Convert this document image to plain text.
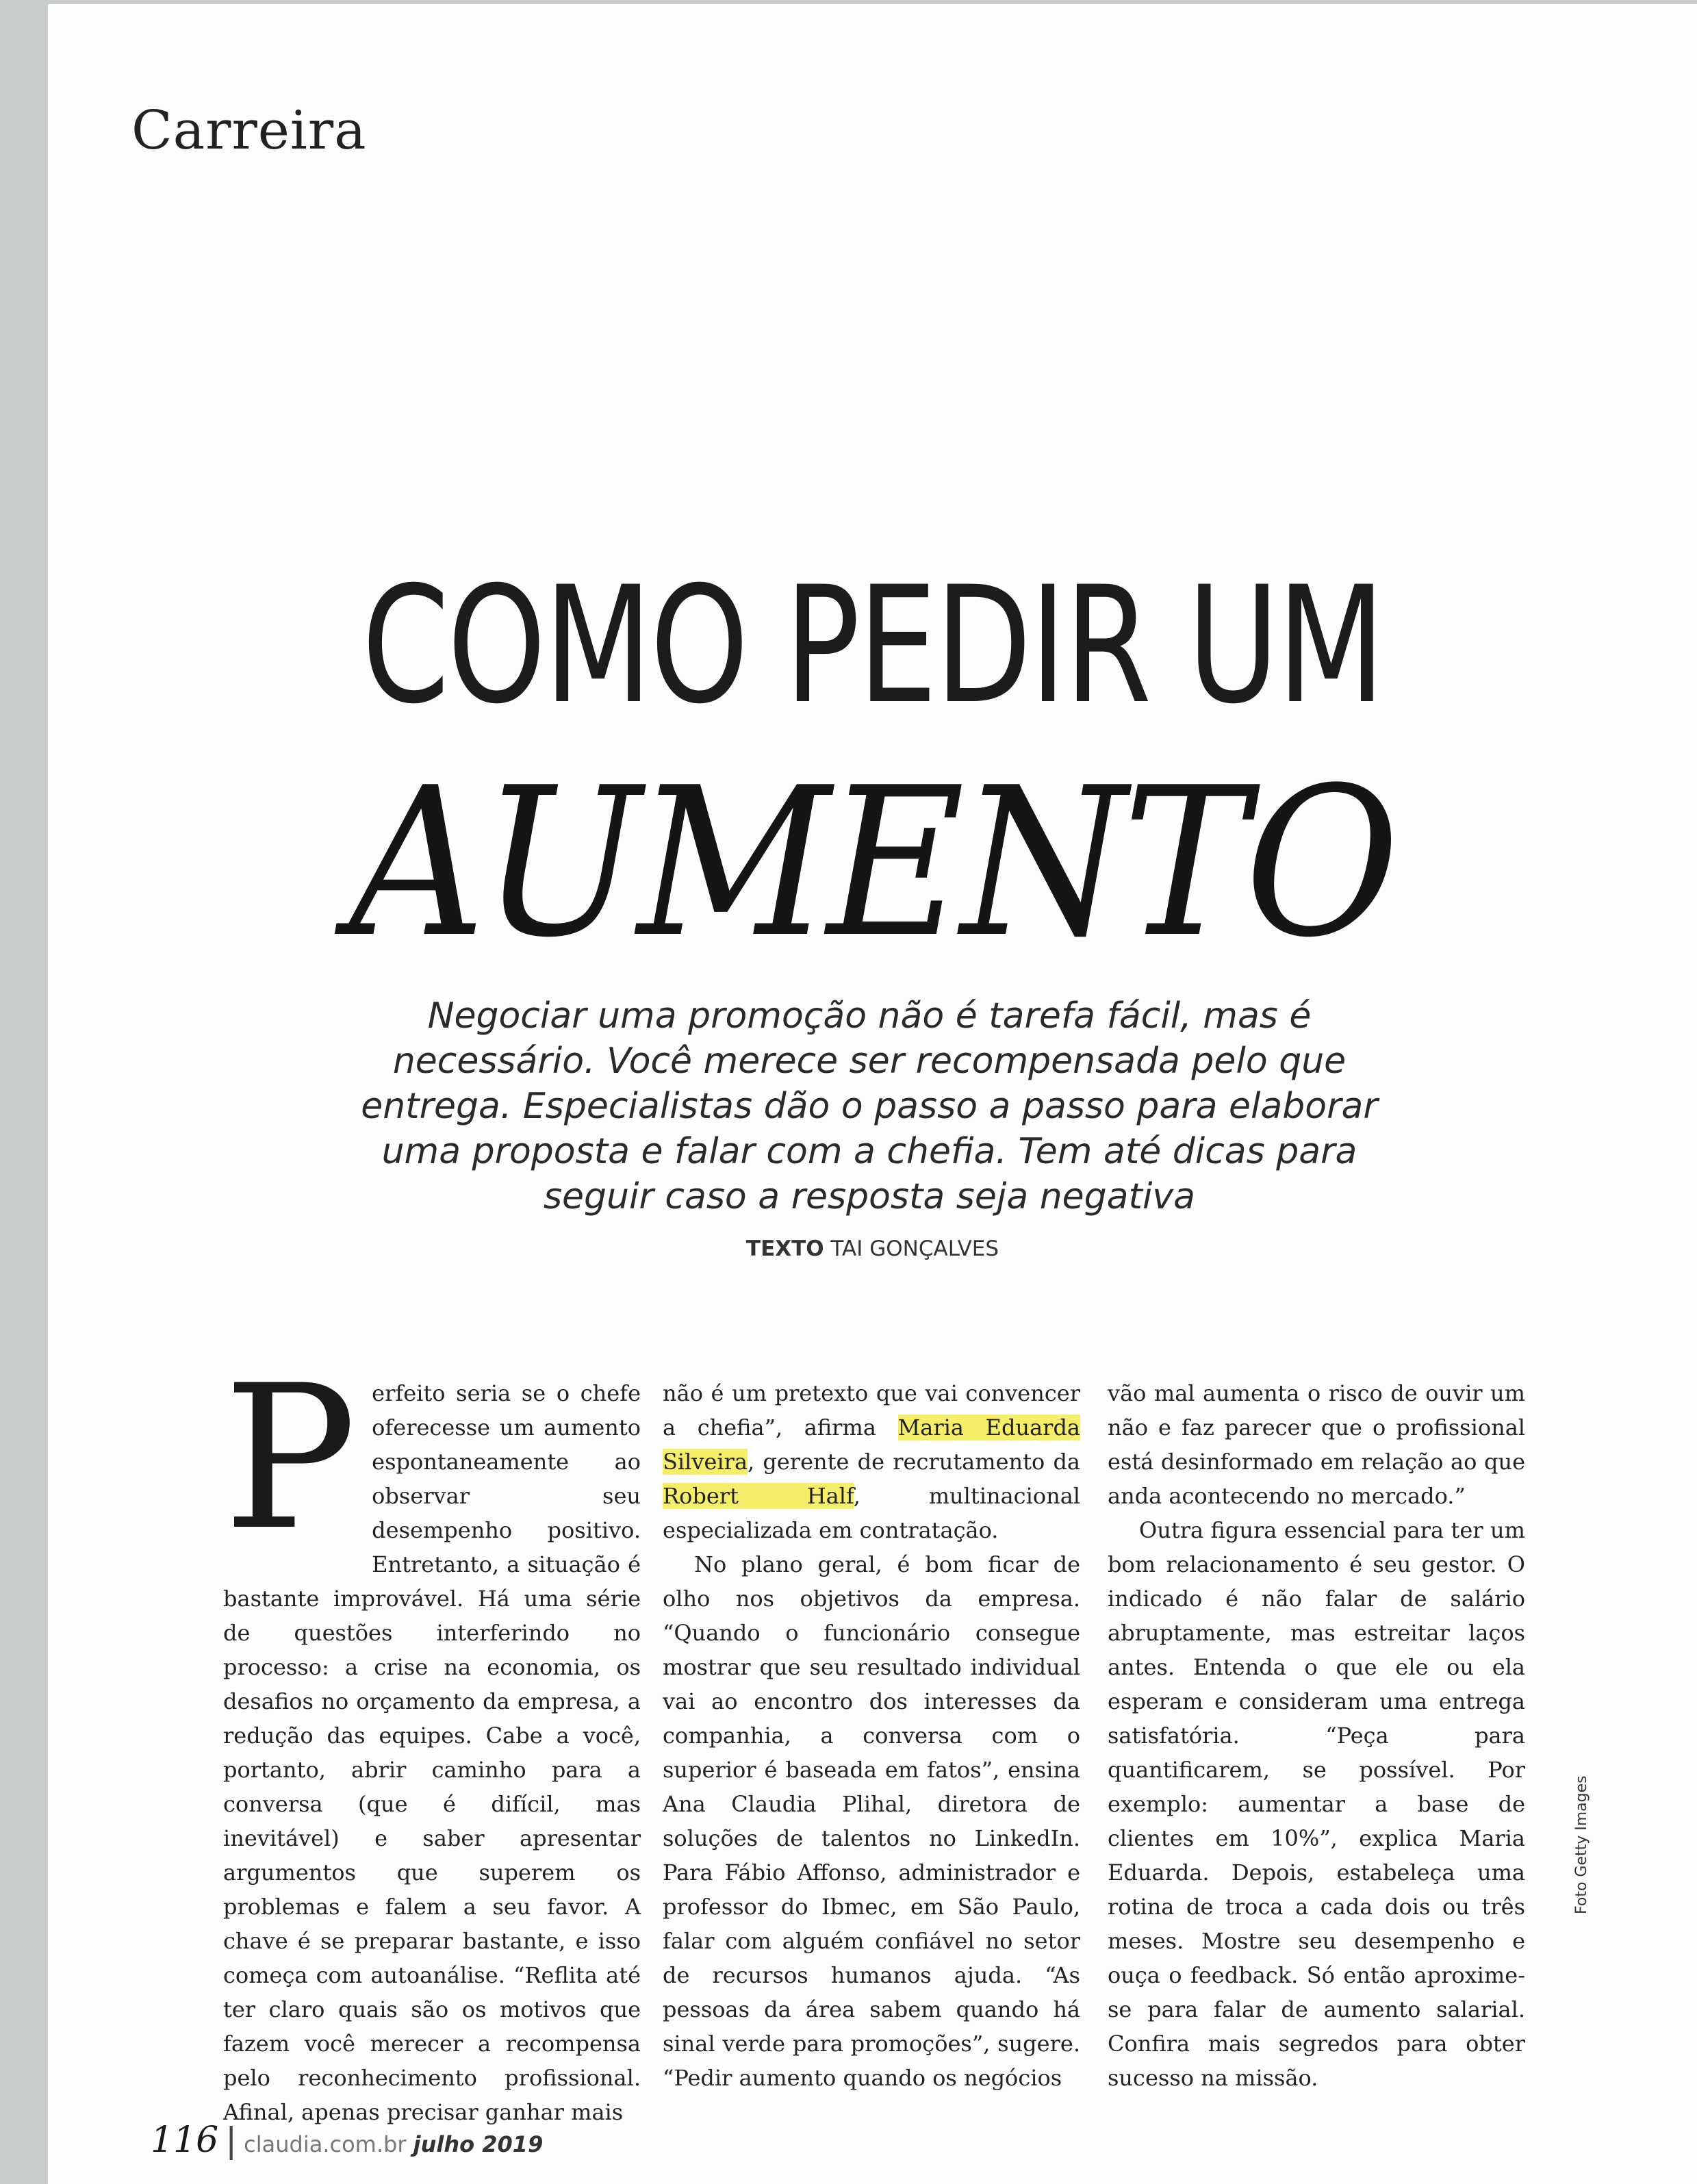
Carreira
COMO PEDIR UM
AUMENTO
Negociar uma promoção não é tarefa fácil, mas é necessário. Você merece ser recompensada pelo que entrega. Especialistas dão o passo a passo para elaborar uma proposta e falar com a chefia. Tem até dicas para seguir caso a resposta seja negativa
TEXTO TAI GONÇALVES

Perfeito seria se o chefe oferecesse um aumento espontaneamente ao observar seu desempenho positivo. Entretanto, a situação é bastante improvável. Há uma série de questões interferindo no processo: a crise na economia, os desafios no orçamento da empresa, a redução das equipes. Cabe a você, portanto, abrir caminho para a conversa (que é difícil, mas inevitável) e saber apresentar argumentos que superem os problemas e falem a seu favor. A chave é se preparar bastante, e isso começa com autoanálise. “Reflita até ter claro quais são os motivos que fazem você merecer a recompensa pelo reconhecimento profissional. Afinal, apenas precisar ganhar mais

não é um pretexto que vai convencer a chefia”, afirma Maria Eduarda Silveira, gerente de recrutamento da Robert Half, multinacional especializada em contratação.

No plano geral, é bom ficar de olho nos objetivos da empresa. “Quando o funcionário consegue mostrar que seu resultado individual vai ao encontro dos interesses da companhia, a conversa com o superior é baseada em fatos”, ensina Ana Claudia Plihal, diretora de soluções de talentos no LinkedIn. Para Fábio Affonso, administrador e professor do Ibmec, em São Paulo, falar com alguém confiável no setor de recursos humanos ajuda. “As pessoas da área sabem quando há sinal verde para promoções”, sugere. “Pedir aumento quando os negócios

vão mal aumenta o risco de ouvir um não e faz parecer que o profissional está desinformado em relação ao que anda acontecendo no mercado.”

Outra figura essencial para ter um bom relacionamento é seu gestor. O indicado é não falar de salário abruptamente, mas estreitar laços antes. Entenda o que ele ou ela esperam e consideram uma entrega satisfatória. “Peça para quantificarem, se possível. Por exemplo: aumentar a base de clientes em 10%”, explica Maria Eduarda. Depois, estabeleça uma rotina de troca a cada dois ou três meses. Mostre seu desempenho e ouça o feedback. Só então aproxime-se para falar de aumento salarial. Confira mais segredos para obter sucesso na missão.

Foto Getty Images
116 | claudia.com.br julho 2019
